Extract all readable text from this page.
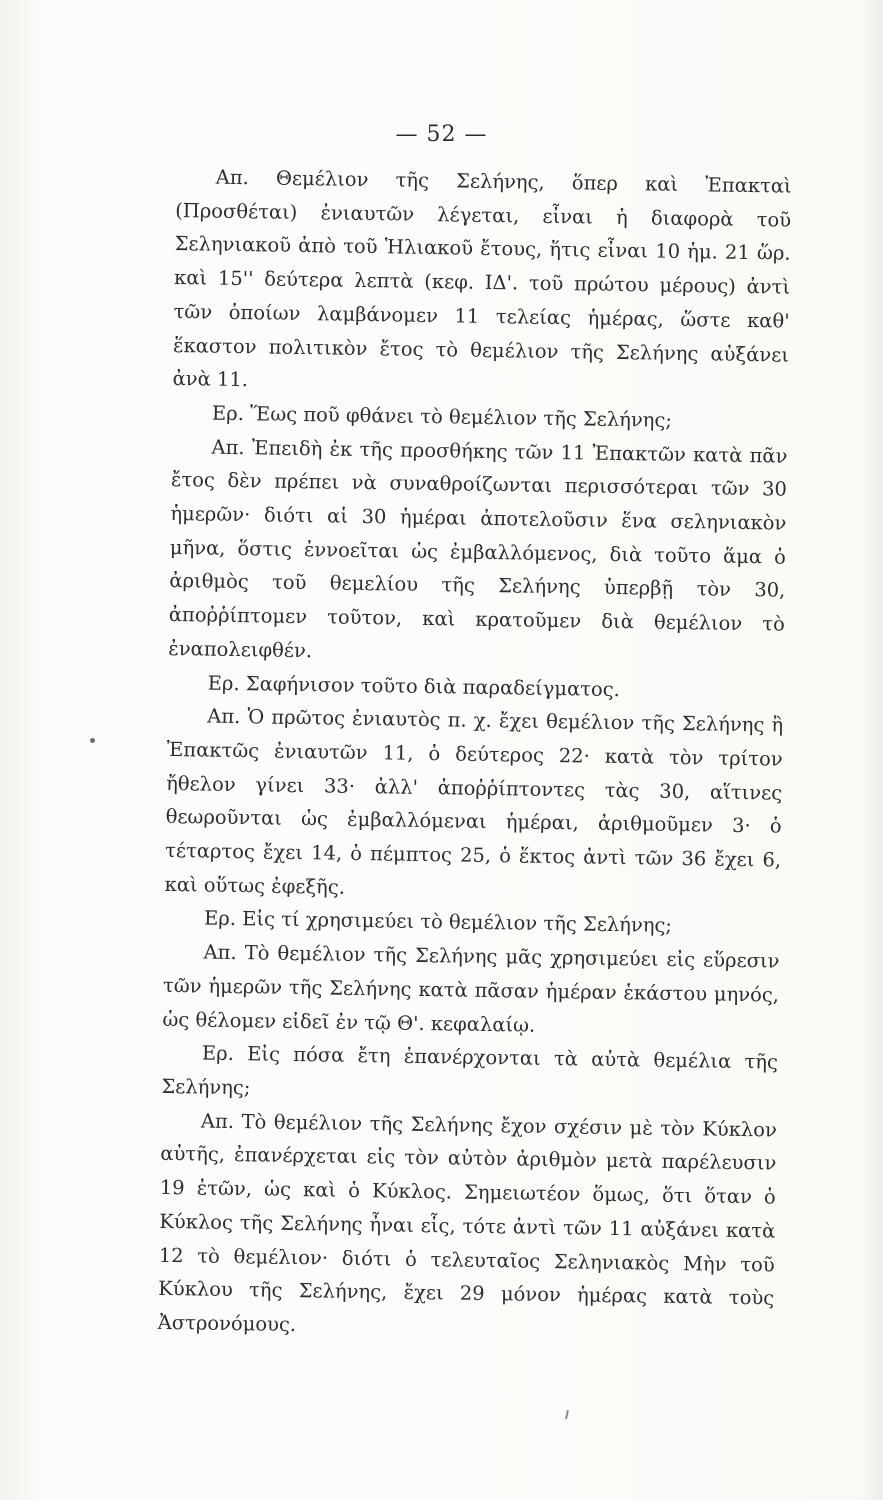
— 52 —

Απ. Θεμέλιον τῆς Σελήνης, ὅπερ καὶ Ἐπακταὶ (Προσθέται) ἐνιαυτῶν λέγεται, εἶναι ἡ διαφορὰ τοῦ Σεληνιακοῦ ἀπὸ τοῦ Ἡλιακοῦ ἔτους, ἥτις εἶναι 10 ἡμ. 21 ὥρ. καὶ 15'' δεύτερα λεπτὰ (κεφ. ΙΔ'. τοῦ πρώτου μέρους) ἀντὶ τῶν ὁποίων λαμβάνομεν 11 τελείας ἡμέρας, ὥστε καθ' ἕκαστον πολιτικὸν ἔτος τὸ θεμέλιον τῆς Σελήνης αὐξάνει ἀνὰ 11.

Ερ. Ἕως ποῦ φθάνει τὸ θεμέλιον τῆς Σελήνης;

Απ. Ἐπειδὴ ἐκ τῆς προσθήκης τῶν 11 Ἐπακτῶν κατὰ πᾶν ἔτος δὲν πρέπει νὰ συναθροίζωνται περισσότεραι τῶν 30 ἡμερῶν· διότι αἱ 30 ἡμέραι ἀποτελοῦσιν ἕνα σεληνιακὸν μῆνα, ὅστις ἐννοεῖται ὡς ἐμβαλλόμενος, διὰ τοῦτο ἅμα ὁ ἀριθμὸς τοῦ θεμελίου τῆς Σελήνης ὑπερβῇ τὸν 30, ἀποῤῥίπτομεν τοῦτον, καὶ κρατοῦμεν διὰ θεμέλιον τὸ ἐναπολειφθέν.

Ερ. Σαφήνισον τοῦτο διὰ παραδείγματος.

Απ. Ὁ πρῶτος ἐνιαυτὸς π. χ. ἔχει θεμέλιον τῆς Σελήνης ἢ Ἐπακτῶς ἐνιαυτῶν 11, ὁ δεύτερος 22· κατὰ τὸν τρίτον ἤθελον γίνει 33· ἀλλ' ἀποῤῥίπτοντες τὰς 30, αἵτινες θεωροῦνται ὡς ἐμβαλλόμεναι ἡμέραι, ἀριθμοῦμεν 3· ὁ τέταρτος ἔχει 14, ὁ πέμπτος 25, ὁ ἕκτος ἀντὶ τῶν 36 ἔχει 6, καὶ οὕτως ἐφεξῆς.

Ερ. Εἰς τί χρησιμεύει τὸ θεμέλιον τῆς Σελήνης;

Απ. Τὸ θεμέλιον τῆς Σελήνης μᾶς χρησιμεύει εἰς εὕρεσιν τῶν ἡμερῶν τῆς Σελήνης κατὰ πᾶσαν ἡμέραν ἑκάστου μηνός, ὡς θέλομεν εἰδεῖ ἐν τῷ Θ'. κεφαλαίῳ.

Ερ. Εἰς πόσα ἔτη ἐπανέρχονται τὰ αὐτὰ θεμέλια τῆς Σελήνης;

Απ. Τὸ θεμέλιον τῆς Σελήνης ἔχον σχέσιν μὲ τὸν Κύκλον αὐτῆς, ἐπανέρχεται εἰς τὸν αὐτὸν ἀριθμὸν μετὰ παρέλευσιν 19 ἐτῶν, ὡς καὶ ὁ Κύκλος. Σημειωτέον ὅμως, ὅτι ὅταν ὁ Κύκλος τῆς Σελήνης ἦναι εἷς, τότε ἀντὶ τῶν 11 αὐξάνει κατὰ 12 τὸ θεμέλιον· διότι ὁ τελευταῖος Σεληνιακὸς Μὴν τοῦ Κύκλου τῆς Σελήνης, ἔχει 29 μόνον ἡμέρας κατὰ τοὺς Ἀστρονόμους.
